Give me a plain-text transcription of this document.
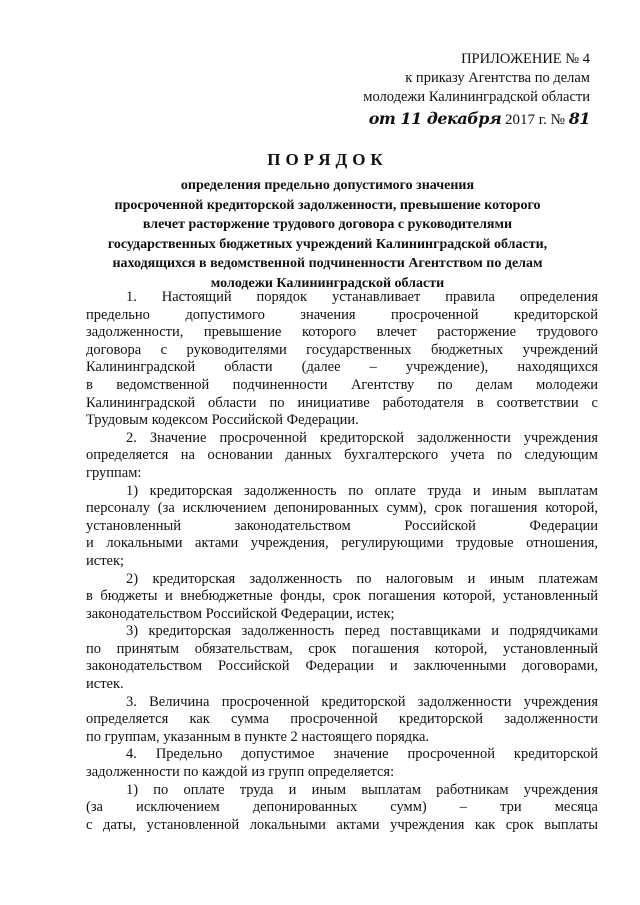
ПРИЛОЖЕНИЕ № 4
к приказу Агентства по делам
молодежи Калининградской области
от 11 декабря 2017 г. № 81
ПОРЯДОК
определения предельно допустимого значения
просроченной кредиторской задолженности, превышение которого
влечет расторжение трудового договора с руководителями
государственных бюджетных учреждений Калининградской области,
находящихся в ведомственной подчиненности Агентством по делам
молодежи Калининградской области
1. Настоящий порядок устанавливает правила определения
предельно допустимого значения просроченной кредиторской
задолженности, превышение которого влечет расторжение трудового
договора с руководителями государственных бюджетных учреждений
Калининградской области (далее – учреждение), находящихся
в ведомственной подчиненности Агентству по делам молодежи
Калининградской области по инициативе работодателя в соответствии с
Трудовым кодексом Российской Федерации.
2. Значение просроченной кредиторской задолженности учреждения
определяется на основании данных бухгалтерского учета по следующим
группам:
1) кредиторская задолженность по оплате труда и иным выплатам
персоналу (за исключением депонированных сумм), срок погашения которой,
установленный законодательством Российской Федерации
и локальными актами учреждения, регулирующими трудовые отношения,
истек;
2) кредиторская задолженность по налоговым и иным платежам
в бюджеты и внебюджетные фонды, срок погашения которой, установленный
законодательством Российской Федерации, истек;
3) кредиторская задолженность перед поставщиками и подрядчиками
по принятым обязательствам, срок погашения которой, установленный
законодательством Российской Федерации и заключенными договорами,
истек.
3. Величина просроченной кредиторской задолженности учреждения
определяется как сумма просроченной кредиторской задолженности
по группам, указанным в пункте 2 настоящего порядка.
4. Предельно допустимое значение просроченной кредиторской
задолженности по каждой из групп определяется:
1) по оплате труда и иным выплатам работникам учреждения
(за исключением депонированных сумм) – три месяца
с даты, установленной локальными актами учреждения как срок выплаты
